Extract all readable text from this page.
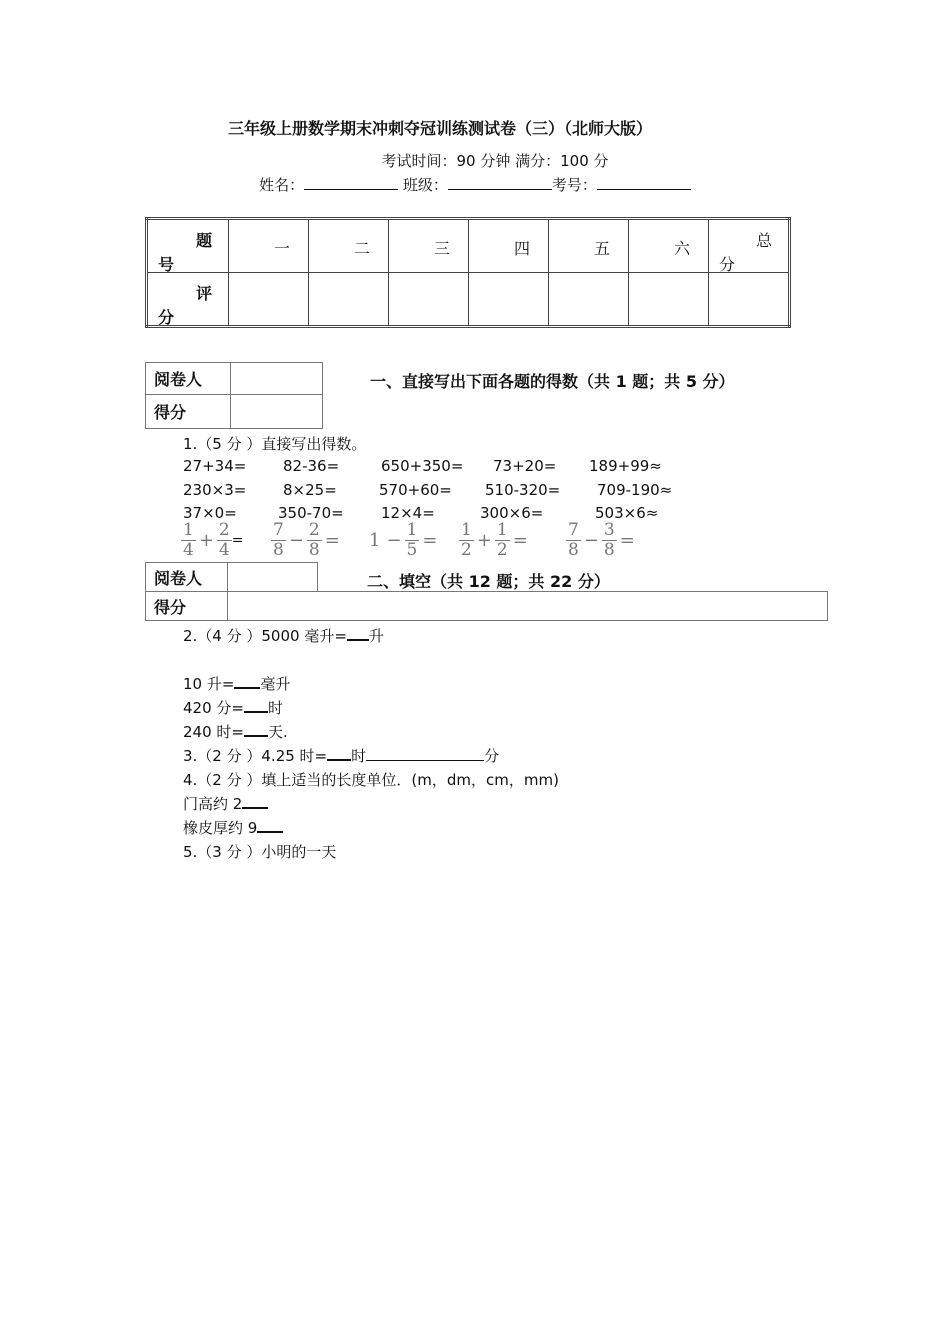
三年级上册数学期末冲刺夺冠训练测试卷（三）（北师大版）
考试时间：90 分钟 满分：100 分
姓名：	班级：	考号：
题
号	一	二	三	四	五	六	总
分

评
分							

阅卷人	
得分	
一、直接写出下面各题的得数（共 1 题；共 5 分）
1.（5 分 ）直接写出得数。
27+34= 82-36=	650+350= 73+20= 189+99≈
230×3= 8×25=	570+60= 510-320= 709-190≈
37×0=	350-70= 12×4=	300×6=	503×6≈
$\frac{1}{4} + \frac{2}{4} = \frac{7}{8} - \frac{2}{8} = 1 - \frac{1}{5} = \frac{1}{2} + \frac{1}{2} = \frac{7}{8} - \frac{3}{8}$ =
阅卷人		
得分		
二、填空（共 12 题；共 22 分）
2.（4 分 ）5000 毫升= 升
10 升= 毫升
420 分= 时
240 时= 天.
3.（2 分 ）4.25 时= 时	分
4.（2 分 ）填上适当的长度单位．(m，dm，cm，mm)
门高约 2
橡皮厚约 9
5.（3 分 ）小明的一天
